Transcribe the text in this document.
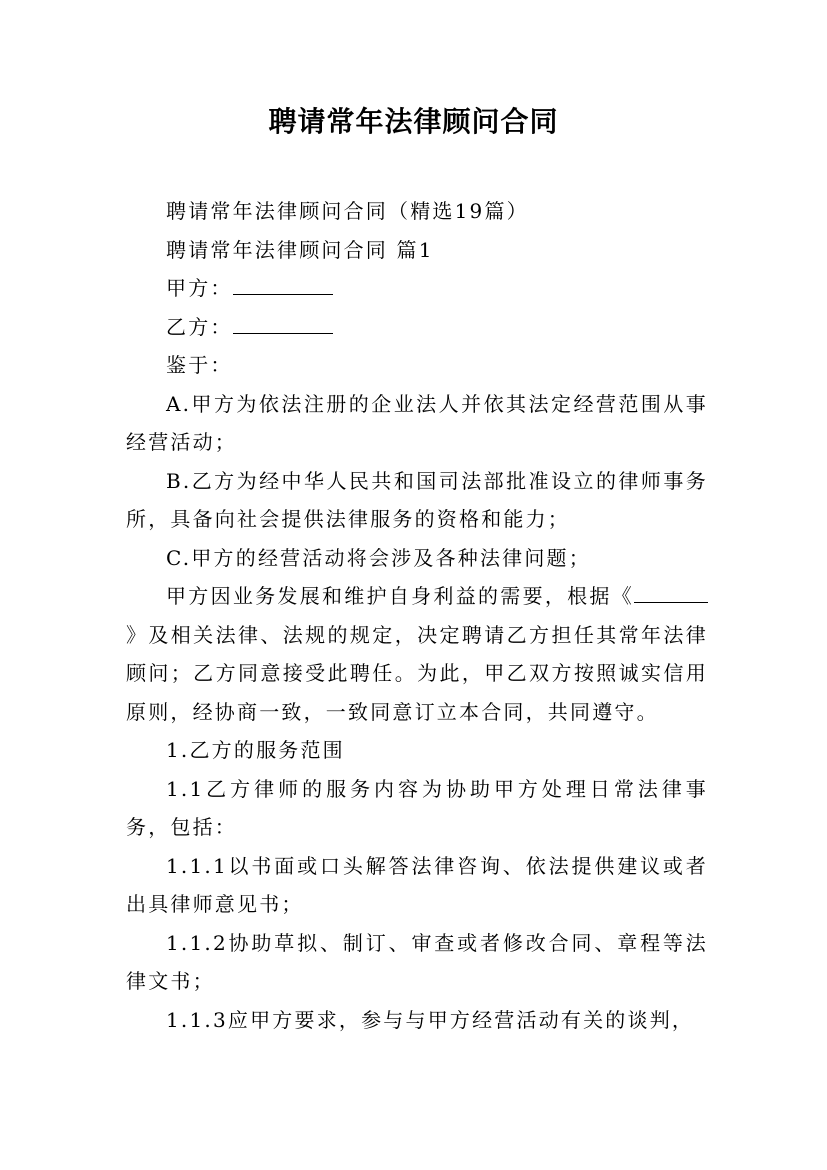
聘请常年法律顾问合同

聘请常年法律顾问合同（精选19篇）

聘请常年法律顾问合同 篇1

甲方：

乙方：

鉴于：

A.甲方为依法注册的企业法人并依其法定经营范围从事经营活动；

B.乙方为经中华人民共和国司法部批准设立的律师事务所，具备向社会提供法律服务的资格和能力；

C.甲方的经营活动将会涉及各种法律问题；

甲方因业务发展和维护自身利益的需要，根据《》及相关法律、法规的规定，决定聘请乙方担任其常年法律顾问；乙方同意接受此聘任。为此，甲乙双方按照诚实信用原则，经协商一致，一致同意订立本合同，共同遵守。

1.乙方的服务范围

1.1乙方律师的服务内容为协助甲方处理日常法律事务，包括：

1.1.1以书面或口头解答法律咨询、依法提供建议或者出具律师意见书；

1.1.2协助草拟、制订、审查或者修改合同、章程等法律文书；

1.1.3应甲方要求，参与与甲方经营活动有关的谈判，
